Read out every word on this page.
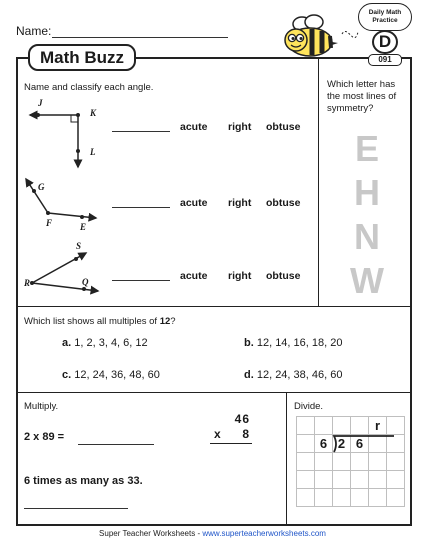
Name:
Daily Math
Practice
D
091
Math Buzz
Name and classify each angle.
J
K
L
G
F	E
S
R	Q
acute right obtuse
acute right obtuse
acute right obtuse
Which letter has the most lines of symmetry?
E
H
N
W
Which list shows all multiples of 12?
a. 1, 2, 3, 4, 6, 12	b. 12, 14, 16, 18, 20
c. 12, 24, 36, 48, 60	d. 12, 24, 38, 46, 60
Multiply.
2 x 89 =
46
x	8
6 times as many as 33.
Divide.
				r	
	6	2	6		

Super Teacher Worksheets - www.superteacherworksheets.com
